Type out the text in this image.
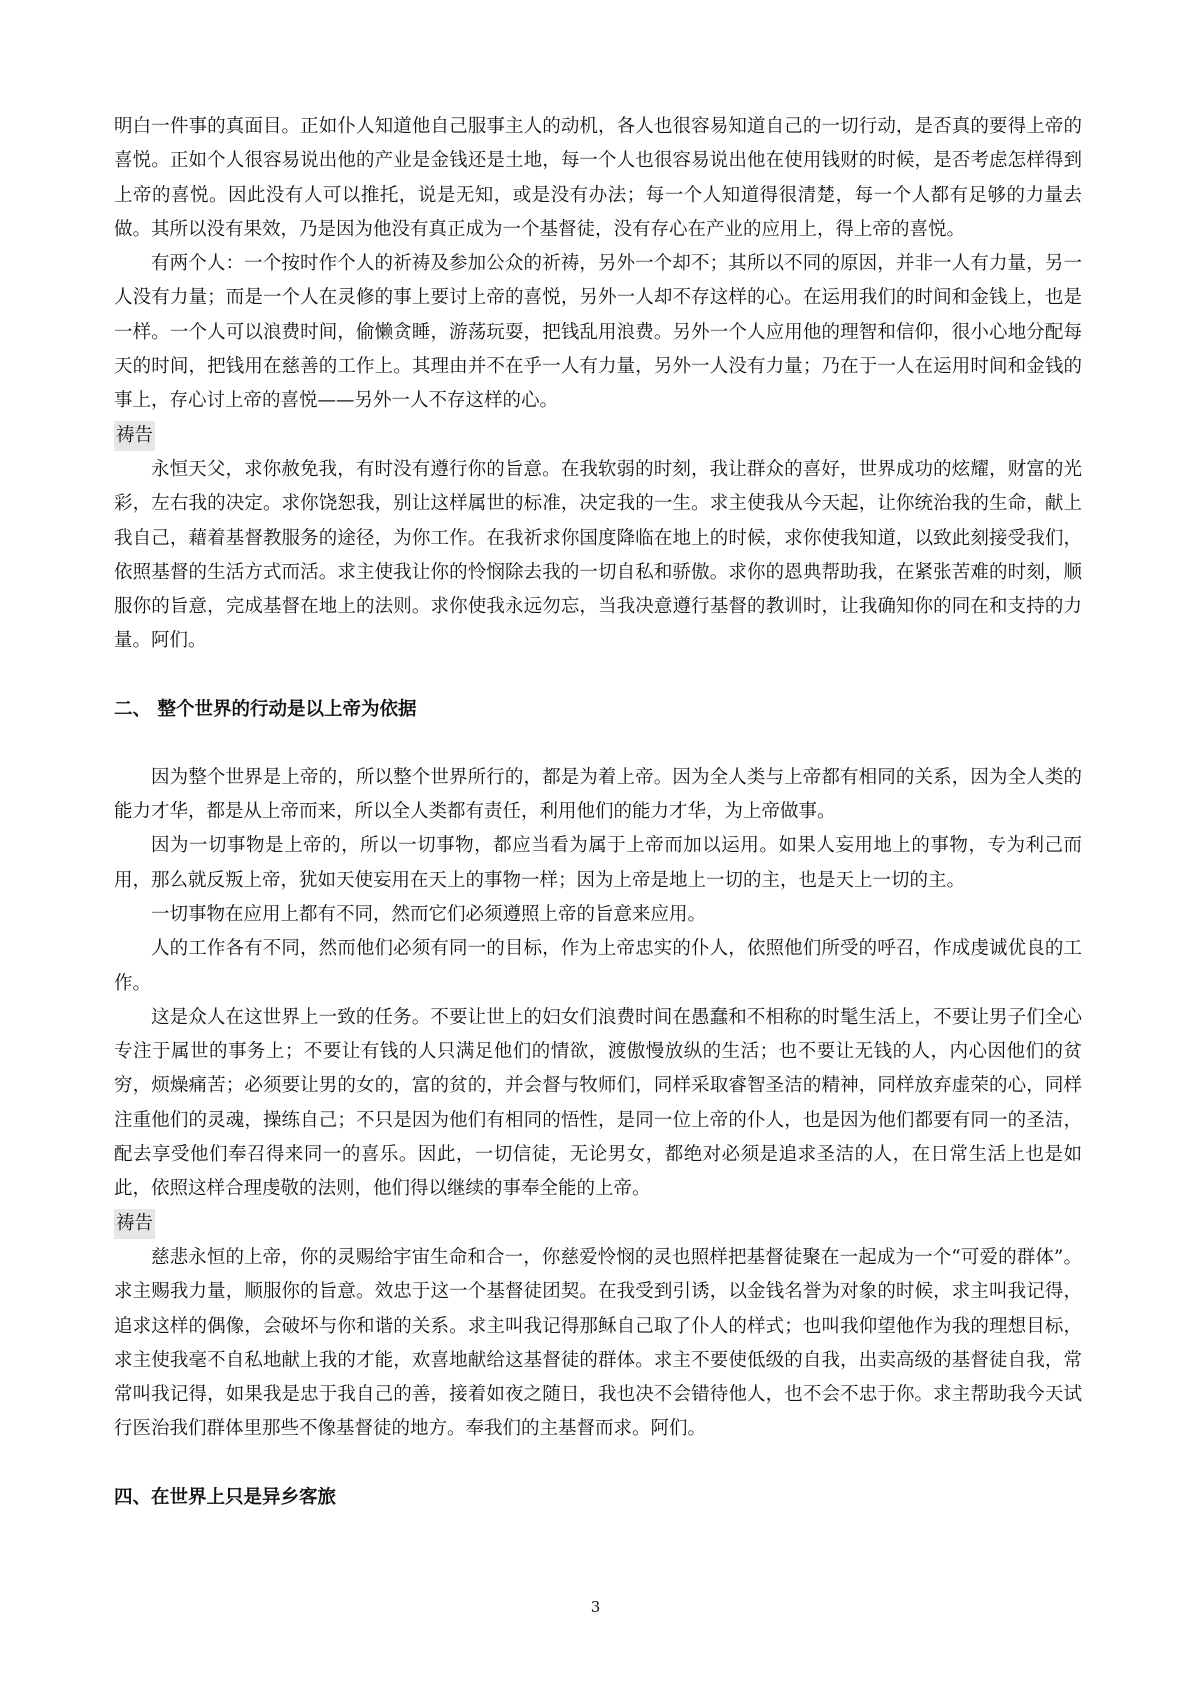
明白一件事的真面目。正如仆人知道他自己服事主人的动机，各人也很容易知道自己的一切行动，是否真的要得上帝的喜悦。正如个人很容易说出他的产业是金钱还是土地，每一个人也很容易说出他在使用钱财的时候，是否考虑怎样得到上帝的喜悦。因此没有人可以推托，说是无知，或是没有办法；每一个人知道得很清楚，每一个人都有足够的力量去做。其所以没有果效，乃是因为他没有真正成为一个基督徒，没有存心在产业的应用上，得上帝的喜悦。

有两个人：一个按时作个人的祈祷及参加公众的祈祷，另外一个却不；其所以不同的原因，并非一人有力量，另一人没有力量；而是一个人在灵修的事上要讨上帝的喜悦，另外一人却不存这样的心。在运用我们的时间和金钱上，也是一样。一个人可以浪费时间，偷懒贪睡，游荡玩耍，把钱乱用浪费。另外一个人应用他的理智和信仰，很小心地分配每天的时间，把钱用在慈善的工作上。其理由并不在乎一人有力量，另外一人没有力量；乃在于一人在运用时间和金钱的事上，存心讨上帝的喜悦——另外一人不存这样的心。

祷告

永恒天父，求你赦免我，有时没有遵行你的旨意。在我软弱的时刻，我让群众的喜好，世界成功的炫耀，财富的光彩，左右我的决定。求你饶恕我，别让这样属世的标准，决定我的一生。求主使我从今天起，让你统治我的生命，献上我自己，藉着基督教服务的途径，为你工作。在我祈求你国度降临在地上的时候，求你使我知道，以致此刻接受我们，依照基督的生活方式而活。求主使我让你的怜悯除去我的一切自私和骄傲。求你的恩典帮助我，在紧张苦难的时刻，顺服你的旨意，完成基督在地上的法则。求你使我永远勿忘，当我决意遵行基督的教训时，让我确知你的同在和支持的力量。阿们。

二、 整个世界的行动是以上帝为依据

因为整个世界是上帝的，所以整个世界所行的，都是为着上帝。因为全人类与上帝都有相同的关系，因为全人类的能力才华，都是从上帝而来，所以全人类都有责任，利用他们的能力才华，为上帝做事。

因为一切事物是上帝的，所以一切事物，都应当看为属于上帝而加以运用。如果人妄用地上的事物，专为利己而用，那么就反叛上帝，犹如天使妄用在天上的事物一样；因为上帝是地上一切的主，也是天上一切的主。

一切事物在应用上都有不同，然而它们必须遵照上帝的旨意来应用。

人的工作各有不同，然而他们必须有同一的目标，作为上帝忠实的仆人，依照他们所受的呼召，作成虔诚优良的工作。

这是众人在这世界上一致的任务。不要让世上的妇女们浪费时间在愚蠢和不相称的时髦生活上，不要让男子们全心专注于属世的事务上；不要让有钱的人只满足他们的情欲，渡傲慢放纵的生活；也不要让无钱的人，内心因他们的贫穷，烦燥痛苦；必须要让男的女的，富的贫的，并会督与牧师们，同样采取睿智圣洁的精神，同样放弃虚荣的心，同样注重他们的灵魂，操练自己；不只是因为他们有相同的悟性，是同一位上帝的仆人，也是因为他们都要有同一的圣洁，配去享受他们奉召得来同一的喜乐。因此，一切信徒，无论男女，都绝对必须是追求圣洁的人，在日常生活上也是如此，依照这样合理虔敬的法则，他们得以继续的事奉全能的上帝。

祷告

慈悲永恒的上帝，你的灵赐给宇宙生命和合一，你慈爱怜悯的灵也照样把基督徒聚在一起成为一个“可爱的群体”。求主赐我力量，顺服你的旨意。效忠于这一个基督徒团契。在我受到引诱，以金钱名誉为对象的时候，求主叫我记得，追求这样的偶像，会破坏与你和谐的关系。求主叫我记得那稣自己取了仆人的样式；也叫我仰望他作为我的理想目标，求主使我毫不自私地献上我的才能，欢喜地献给这基督徒的群体。求主不要使低级的自我，出卖高级的基督徒自我，常常叫我记得，如果我是忠于我自己的善，接着如夜之随日，我也决不会错待他人，也不会不忠于你。求主帮助我今天试行医治我们群体里那些不像基督徒的地方。奉我们的主基督而求。阿们。

四、在世界上只是异乡客旅

3
